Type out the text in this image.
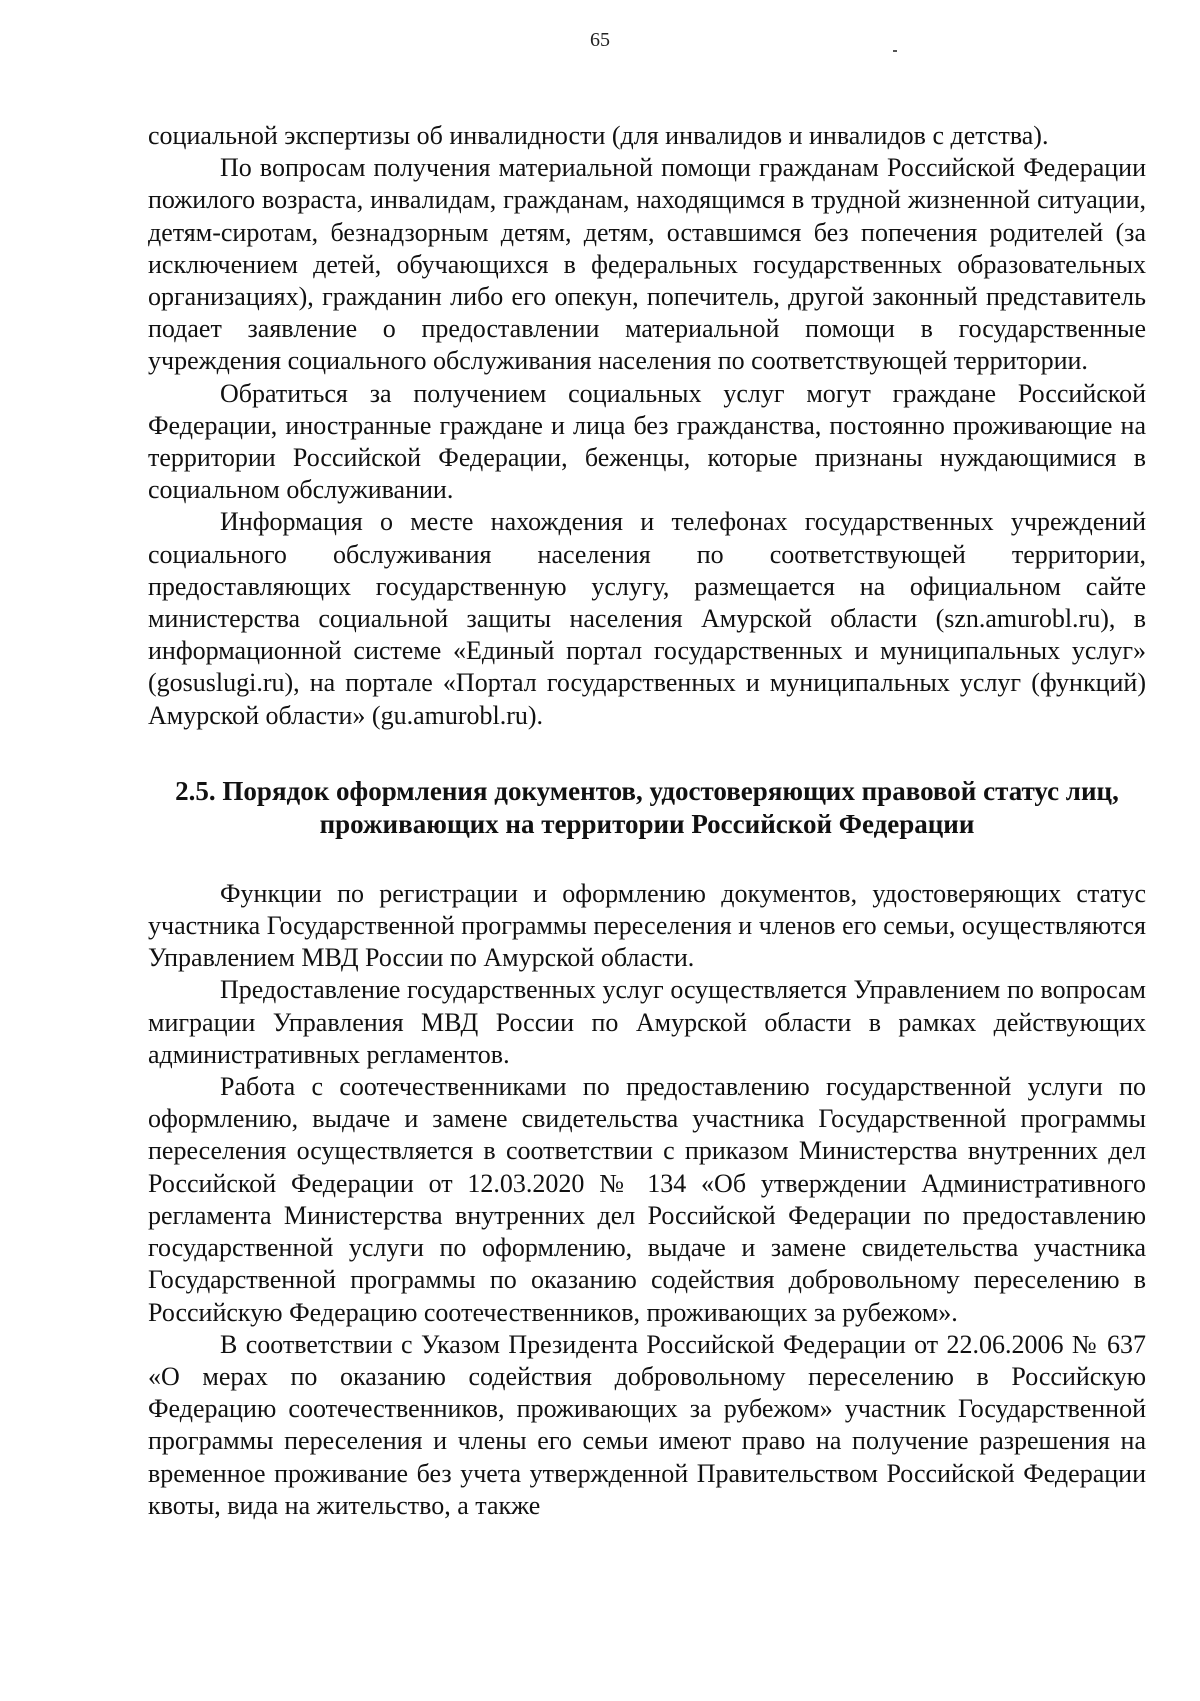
65

социальной экспертизы об инвалидности (для инвалидов и инвалидов с детства).

По вопросам получения материальной помощи гражданам Российской Федерации пожилого возраста, инвалидам, гражданам, находящимся в трудной жизненной ситуации, детям-сиротам, безнадзорным детям, детям, оставшимся без попечения родителей (за исключением детей, обучающихся в федеральных государственных образовательных организациях), гражданин либо его опекун, попечитель, другой законный представитель подает заявление о предоставлении материальной помощи в государственные учреждения социального обслуживания населения по соответствующей территории.

Обратиться за получением социальных услуг могут граждане Российской Федерации, иностранные граждане и лица без гражданства, постоянно проживающие на территории Российской Федерации, беженцы, которые признаны нуждающимися в социальном обслуживании.

Информация о месте нахождения и телефонах государственных учреждений социального обслуживания населения по соответствующей территории, предоставляющих государственную услугу, размещается на официальном сайте министерства социальной защиты населения Амурской области (szn.amurobl.ru), в информационной системе «Единый портал государственных и муниципальных услуг» (gosuslugi.ru), на портале «Портал государственных и муниципальных услуг (функций) Амурской области» (gu.amurobl.ru).

2.5. Порядок оформления документов, удостоверяющих правовой статус лиц, проживающих на территории Российской Федерации

Функции по регистрации и оформлению документов, удостоверяющих статус участника Государственной программы переселения и членов его семьи, осуществляются Управлением МВД России по Амурской области.

Предоставление государственных услуг осуществляется Управлением по вопросам миграции Управления МВД России по Амурской области в рамках действующих административных регламентов.

Работа с соотечественниками по предоставлению государственной услуги по оформлению, выдаче и замене свидетельства участника Государственной программы переселения осуществляется в соответствии с приказом Министерства внутренних дел Российской Федерации от 12.03.2020 № 134 «Об утверждении Административного регламента Министерства внутренних дел Российской Федерации по предоставлению государственной услуги по оформлению, выдаче и замене свидетельства участника Государственной программы по оказанию содействия добровольному переселению в Российскую Федерацию соотечественников, проживающих за рубежом».

В соответствии с Указом Президента Российской Федерации от 22.06.2006 № 637 «О мерах по оказанию содействия добровольному переселению в Российскую Федерацию соотечественников, проживающих за рубежом» участник Государственной программы переселения и члены его семьи имеют право на получение разрешения на временное проживание без учета утвержденной Правительством Российской Федерации квоты, вида на жительство, а также
